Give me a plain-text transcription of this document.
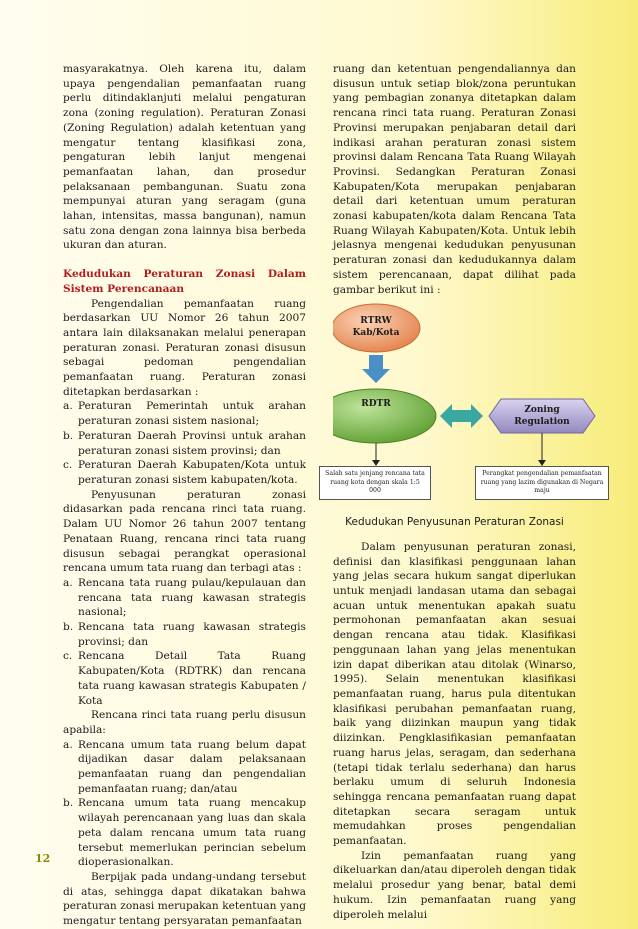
masyarakatnya. Oleh karena itu, dalam upaya pengendalian pemanfaatan ruang perlu ditindaklanjuti melalui pengaturan zona (zoning regulation). Peraturan Zonasi (Zoning Regulation) adalah ketentuan yang mengatur tentang klasifikasi zona, pengaturan lebih lanjut mengenai pemanfaatan lahan, dan prosedur pelaksanaan pembangunan. Suatu zona mempunyai aturan yang seragam (guna lahan, intensitas, massa bangunan), namun satu zona dengan zona lainnya bisa berbeda ukuran dan aturan.

Kedudukan Peraturan Zonasi Dalam Sistem Perencanaan

Pengendalian pemanfaatan ruang berdasarkan UU Nomor 26 tahun 2007 antara lain dilaksanakan melalui penerapan peraturan zonasi. Peraturan zonasi disusun sebagai pedoman pengendalian pemanfaatan ruang. Peraturan zonasi ditetapkan berdasarkan :

a. Peraturan Pemerintah untuk arahan peraturan zonasi sistem nasional;
b. Peraturan Daerah Provinsi untuk arahan peraturan zonasi sistem provinsi; dan
c. Peraturan Daerah Kabupaten/Kota untuk peraturan zonasi sistem kabupaten/kota.

Penyusunan peraturan zonasi didasarkan pada rencana rinci tata ruang. Dalam UU Nomor 26 tahun 2007 tentang Penataan Ruang, rencana rinci tata ruang disusun sebagai perangkat operasional rencana umum tata ruang dan terbagi atas :

a. Rencana tata ruang pulau/kepulauan dan rencana tata ruang kawasan strategis nasional;
b. Rencana tata ruang kawasan strategis provinsi; dan
c. Rencana Detail Tata Ruang Kabupaten/Kota (RDTRK) dan rencana tata ruang kawasan strategis Kabupaten / Kota

Rencana rinci tata ruang perlu disusun apabila:

a. Rencana umum tata ruang belum dapat dijadikan dasar dalam pelaksanaan pemanfaatan ruang dan pengendalian pemanfaatan ruang; dan/atau
b. Rencana umum tata ruang mencakup wilayah perencanaan yang luas dan skala peta dalam rencana umum tata ruang tersebut memerlukan perincian sebelum dioperasionalkan.

Berpijak pada undang-undang tersebut di atas, sehingga dapat dikatakan bahwa peraturan zonasi merupakan ketentuan yang mengatur tentang persyaratan pemanfaatan

ruang dan ketentuan pengendaliannya dan disusun untuk setiap blok/zona peruntukan yang pembagian zonanya ditetapkan dalam rencana rinci tata ruang. Peraturan Zonasi Provinsi merupakan penjabaran detail dari indikasi arahan peraturan zonasi sistem provinsi dalam Rencana Tata Ruang Wilayah Provinsi. Sedangkan Peraturan Zonasi Kabupaten/Kota merupakan penjabaran detail dari ketentuan umum peraturan zonasi kabupaten/kota dalam Rencana Tata Ruang Wilayah Kabupaten/Kota. Untuk lebih jelasnya mengenai kedudukan penyusunan peraturan zonasi dan kedudukannya dalam sistem perencanaan, dapat dilihat pada gambar berikut ini :

RTRW
Kab/Kota
RDTR
Zoning
Regulation
Salah satu jenjang rencana tata ruang kota dengan skala 1:5 000
Perangkat pengendalian pemanfaatan ruang yang lazim digunakan di Negara maju
Kedudukan Penyusunan Peraturan Zonasi

Dalam penyusunan peraturan zonasi, definisi dan klasifikasi penggunaan lahan yang jelas secara hukum sangat diperlukan untuk menjadi landasan utama dan sebagai acuan untuk menentukan apakah suatu permohonan pemanfaatan akan sesuai dengan rencana atau tidak. Klasifikasi penggunaan lahan yang jelas menentukan izin dapat diberikan atau ditolak (Winarso, 1995). Selain menentukan klasifikasi pemanfaatan ruang, harus pula ditentukan klasifikasi perubahan pemanfaatan ruang, baik yang diizinkan maupun yang tidak diizinkan. Pengklasifikasian pemanfaatan ruang harus jelas, seragam, dan sederhana (tetapi tidak terlalu sederhana) dan harus berlaku umum di seluruh Indonesia sehingga rencana pemanfaatan ruang dapat ditetapkan secara seragam untuk memudahkan proses pengendalian pemanfaatan.

Izin pemanfaatan ruang yang dikeluarkan dan/atau diperoleh dengan tidak melalui prosedur yang benar, batal demi hukum. Izin pemanfaatan ruang yang diperoleh melalui

12
